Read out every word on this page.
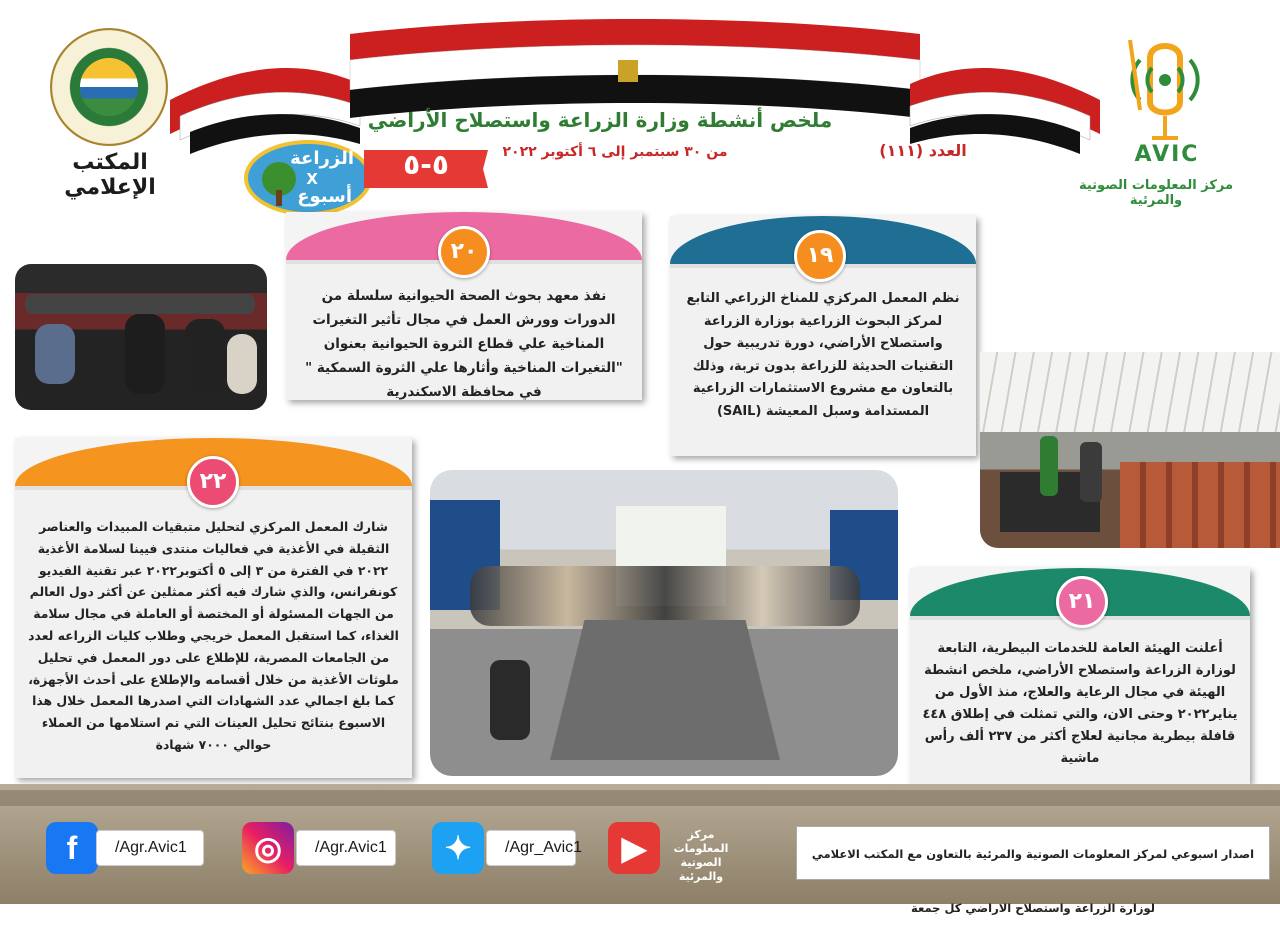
المكتب الإعلامي
ملخص أنشطة وزارة الزراعة واستصلاح الأراضي
من ٣٠ سبتمبر إلى ٦ أكتوبر ٢٠٢٢	العدد (١١١)
الزراعة
X
أسبوع
٥-٥	AVIC
مركز المعلومات الصوتية والمرئية
٢٠
نفذ معهد بحوث الصحة الحيوانية سلسلة من الدورات وورش العمل في مجال تأثير التغيرات المناخية علي قطاع الثروة الحيوانية بعنوان "التغيرات المناخية وأثارها علي الثروة السمكية " في محافظة الاسكندرية
١٩
نظم المعمل المركزي للمناخ الزراعي التابع لمركز البحوث الزراعية بوزارة الزراعة واستصلاح الأراضي، دورة تدريبية حول التقنيات الحديثة للزراعة بدون تربة، وذلك بالتعاون مع مشروع الاستثمارات الزراعية المستدامة وسبل المعيشة (SAIL)
٢٢
شارك المعمل المركزي لتحليل متبقيات المبيدات والعناصر الثقيلة في الأغذية في فعاليات منتدى فيينا لسلامة الأغذية ٢٠٢٢ في الفترة من ٣ إلى ٥ أكتوبر٢٠٢٢ عبر تقنية الفيديو كونفرانس، والذي شارك فيه أكثر ممثلين عن أكثر دول العالم من الجهات المسئولة أو المختصة أو العاملة في مجال سلامة الغذاء، كما استقبل المعمل خريجي وطلاب كليات الزراعه لعدد من الجامعات المصرية، للإطلاع على دور المعمل في تحليل ملوثات الأغذية من خلال أقسامه والإطلاع على أحدث الأجهزة، كما بلغ اجمالي عدد الشهادات التي اصدرها المعمل خلال هذا الاسبوع بنتائج تحليل العينات التي تم استلامها من العملاء حوالي ٧٠٠٠ شهادة
٢١
أعلنت الهيئة العامة للخدمات البيطرية، التابعة لوزارة الزراعة واستصلاح الأراضي، ملخص انشطة الهيئة في مجال الرعاية والعلاج، منذ الأول من يناير٢٠٢٢ وحتى الان، والتي تمثلت في إطلاق ٤٤٨ قافلة بيطرية مجانية لعلاج أكثر من ٢٣٧ ألف رأس ماشية
f	/Agr.Avic1	◎	/Agr.Avic1	✦	/Agr_Avic1	▶	مركز المعلومات الصوتية والمرئية
اصدار اسبوعي لمركز المعلومات الصوتية والمرئية بالتعاون مع المكتب الاعلامي لوزارة الزراعة واستصلاح الاراضي كل جمعة
